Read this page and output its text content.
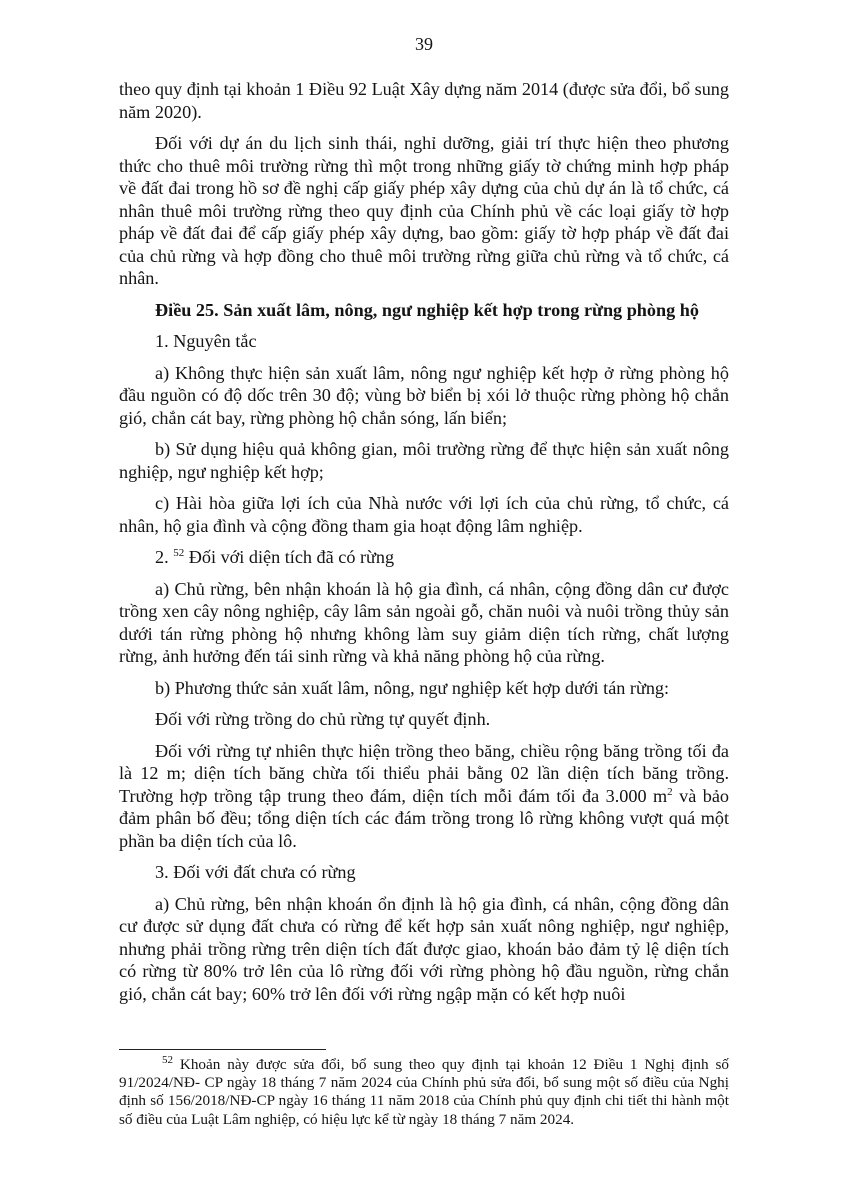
39

theo quy định tại khoản 1 Điều 92 Luật Xây dựng năm 2014 (được sửa đổi, bổ sung năm 2020).

Đối với dự án du lịch sinh thái, nghỉ dưỡng, giải trí thực hiện theo phương thức cho thuê môi trường rừng thì một trong những giấy tờ chứng minh hợp pháp về đất đai trong hồ sơ đề nghị cấp giấy phép xây dựng của chủ dự án là tổ chức, cá nhân thuê môi trường rừng theo quy định của Chính phủ về các loại giấy tờ hợp pháp về đất đai để cấp giấy phép xây dựng, bao gồm: giấy tờ hợp pháp về đất đai của chủ rừng và hợp đồng cho thuê môi trường rừng giữa chủ rừng và tổ chức, cá nhân.

Điều 25. Sản xuất lâm, nông, ngư nghiệp kết hợp trong rừng phòng hộ

1. Nguyên tắc

a) Không thực hiện sản xuất lâm, nông ngư nghiệp kết hợp ở rừng phòng hộ đầu nguồn có độ dốc trên 30 độ; vùng bờ biển bị xói lở thuộc rừng phòng hộ chắn gió, chắn cát bay, rừng phòng hộ chắn sóng, lấn biển;

b) Sử dụng hiệu quả không gian, môi trường rừng để thực hiện sản xuất nông nghiệp, ngư nghiệp kết hợp;

c) Hài hòa giữa lợi ích của Nhà nước với lợi ích của chủ rừng, tổ chức, cá nhân, hộ gia đình và cộng đồng tham gia hoạt động lâm nghiệp.

2. $^{52}$ Đối với diện tích đã có rừng

a) Chủ rừng, bên nhận khoán là hộ gia đình, cá nhân, cộng đồng dân cư được trồng xen cây nông nghiệp, cây lâm sản ngoài gỗ, chăn nuôi và nuôi trồng thủy sản dưới tán rừng phòng hộ nhưng không làm suy giảm diện tích rừng, chất lượng rừng, ảnh hưởng đến tái sinh rừng và khả năng phòng hộ của rừng.

b) Phương thức sản xuất lâm, nông, ngư nghiệp kết hợp dưới tán rừng:

Đối với rừng trồng do chủ rừng tự quyết định.

Đối với rừng tự nhiên thực hiện trồng theo băng, chiều rộng băng trồng tối đa là 12 m; diện tích băng chừa tối thiểu phải bằng 02 lần diện tích băng trồng. Trường hợp trồng tập trung theo đám, diện tích mỗi đám tối đa 3.000 $m^2$ và bảo đảm phân bố đều; tổng diện tích các đám trồng trong lô rừng không vượt quá một phần ba diện tích của lô.

3. Đối với đất chưa có rừng

a) Chủ rừng, bên nhận khoán ổn định là hộ gia đình, cá nhân, cộng đồng dân cư được sử dụng đất chưa có rừng để kết hợp sản xuất nông nghiệp, ngư nghiệp, nhưng phải trồng rừng trên diện tích đất được giao, khoán bảo đảm tỷ lệ diện tích có rừng từ 80% trở lên của lô rừng đối với rừng phòng hộ đầu nguồn, rừng chắn gió, chắn cát bay; 60% trở lên đối với rừng ngập mặn có kết hợp nuôi

$^{52}$ Khoản này được sửa đổi, bổ sung theo quy định tại khoản 12 Điều 1 Nghị định số 91/2024/NĐ- CP ngày 18 tháng 7 năm 2024 của Chính phủ sửa đổi, bổ sung một số điều của Nghị định số 156/2018/NĐ-CP ngày 16 tháng 11 năm 2018 của Chính phủ quy định chi tiết thi hành một số điều của Luật Lâm nghiệp, có hiệu lực kể từ ngày 18 tháng 7 năm 2024.
